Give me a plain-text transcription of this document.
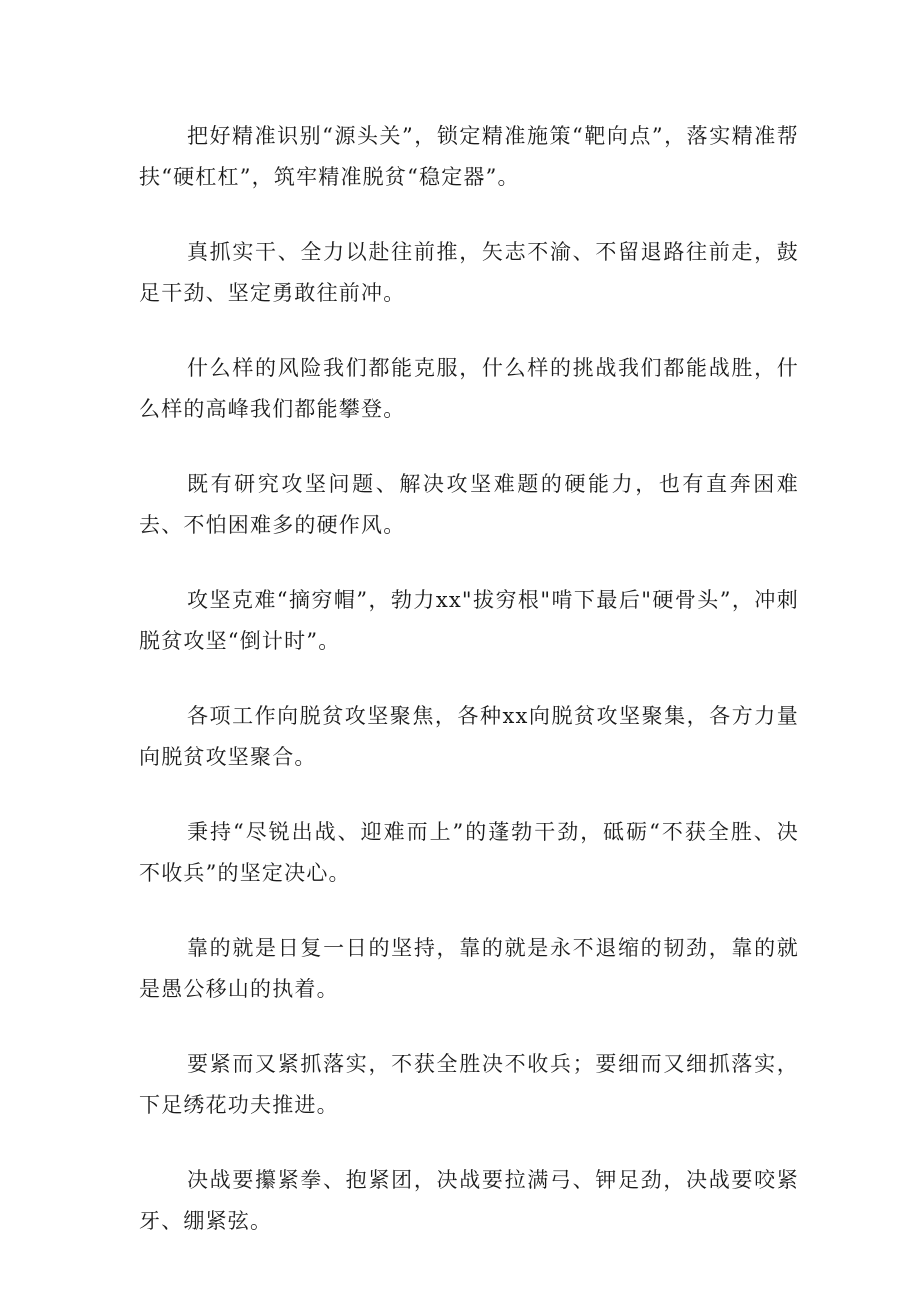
把好精准识别“源头关”，锁定精准施策“靶向点”，落实精准帮扶“硬杠杠”，筑牢精准脱贫“稳定器”。

真抓实干、全力以赴往前推，矢志不渝、不留退路往前走，鼓足干劲、坚定勇敢往前冲。

什么样的风险我们都能克服，什么样的挑战我们都能战胜，什么样的高峰我们都能攀登。

既有研究攻坚问题、解决攻坚难题的硬能力，也有直奔困难去、不怕困难多的硬作风。

攻坚克难“摘穷帽”，勃力xx"拔穷根"啃下最后"硬骨头”，冲刺脱贫攻坚“倒计时”。

各项工作向脱贫攻坚聚焦，各种xx向脱贫攻坚聚集，各方力量向脱贫攻坚聚合。

秉持“尽锐出战、迎难而上”的蓬勃干劲，砥砺“不获全胜、决不收兵”的坚定决心。

靠的就是日复一日的坚持，靠的就是永不退缩的韧劲，靠的就是愚公移山的执着。

要紧而又紧抓落实，不获全胜决不收兵；要细而又细抓落实，下足绣花功夫推进。

决战要攥紧拳、抱紧团，决战要拉满弓、钾足劲，决战要咬紧牙、绷紧弦。
